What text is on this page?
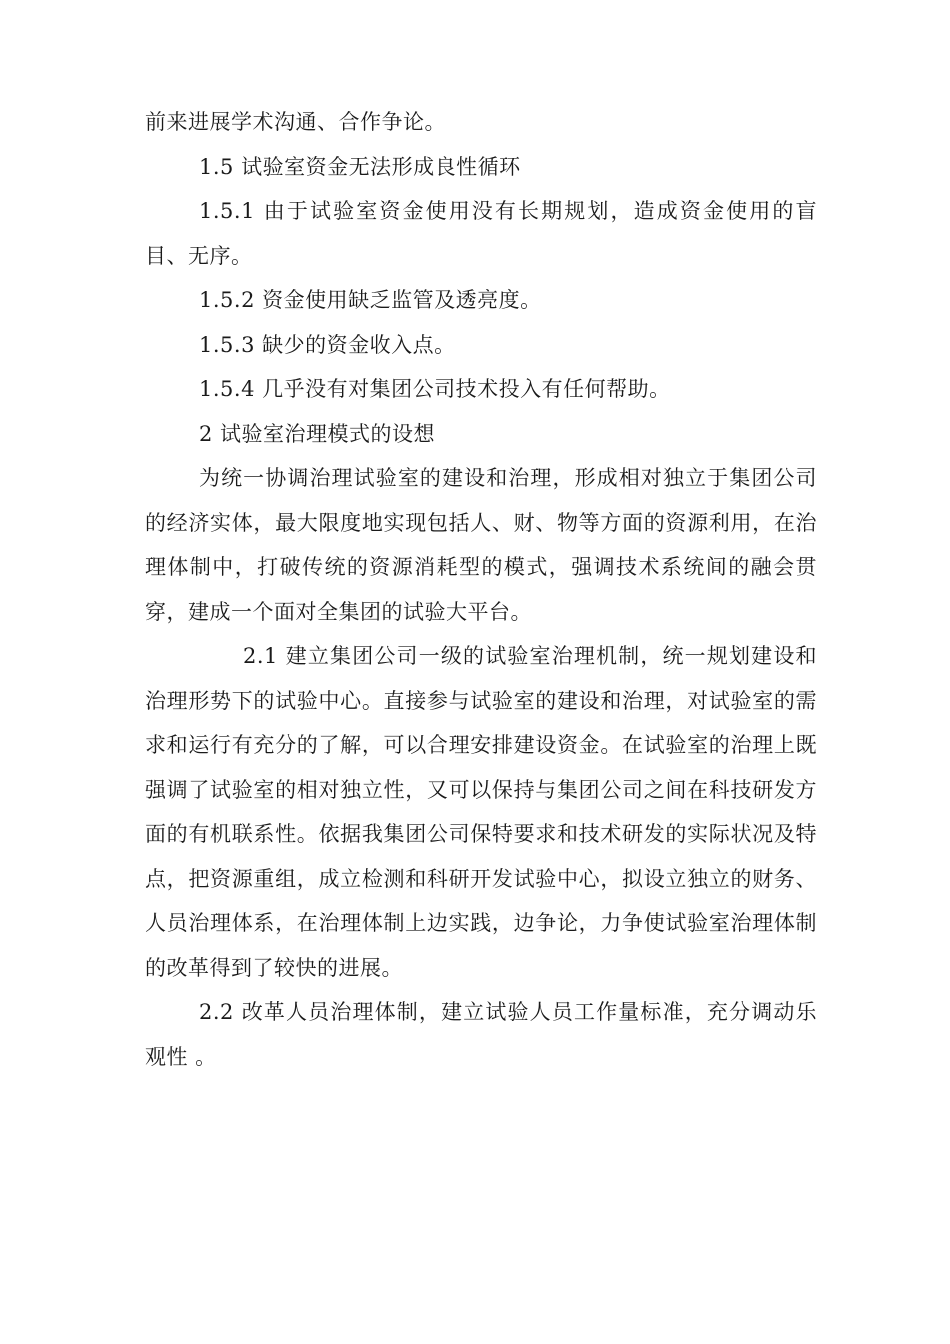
前来进展学术沟通、合作争论。

1.5 试验室资金无法形成良性循环

1.5.1 由于试验室资金使用没有长期规划，造成资金使用的盲目、无序。

1.5.2 资金使用缺乏监管及透亮度。

1.5.3 缺少的资金收入点。

1.5.4 几乎没有对集团公司技术投入有任何帮助。

2 试验室治理模式的设想

为统一协调治理试验室的建设和治理，形成相对独立于集团公司的经济实体，最大限度地实现包括人、财、物等方面的资源利用，在治理体制中，打破传统的资源消耗型的模式，强调技术系统间的融会贯穿，建成一个面对全集团的试验大平台。

2.1 建立集团公司一级的试验室治理机制，统一规划建设和治理形势下的试验中心。直接参与试验室的建设和治理，对试验室的需求和运行有充分的了解，可以合理安排建设资金。在试验室的治理上既强调了试验室的相对独立性，又可以保持与集团公司之间在科技研发方面的有机联系性。依据我集团公司保特要求和技术研发的实际状况及特点，把资源重组，成立检测和科研开发试验中心，拟设立独立的财务、人员治理体系，在治理体制上边实践，边争论，力争使试验室治理体制的改革得到了较快的进展。

2.2 改革人员治理体制，建立试验人员工作量标准，充分调动乐观性 。
